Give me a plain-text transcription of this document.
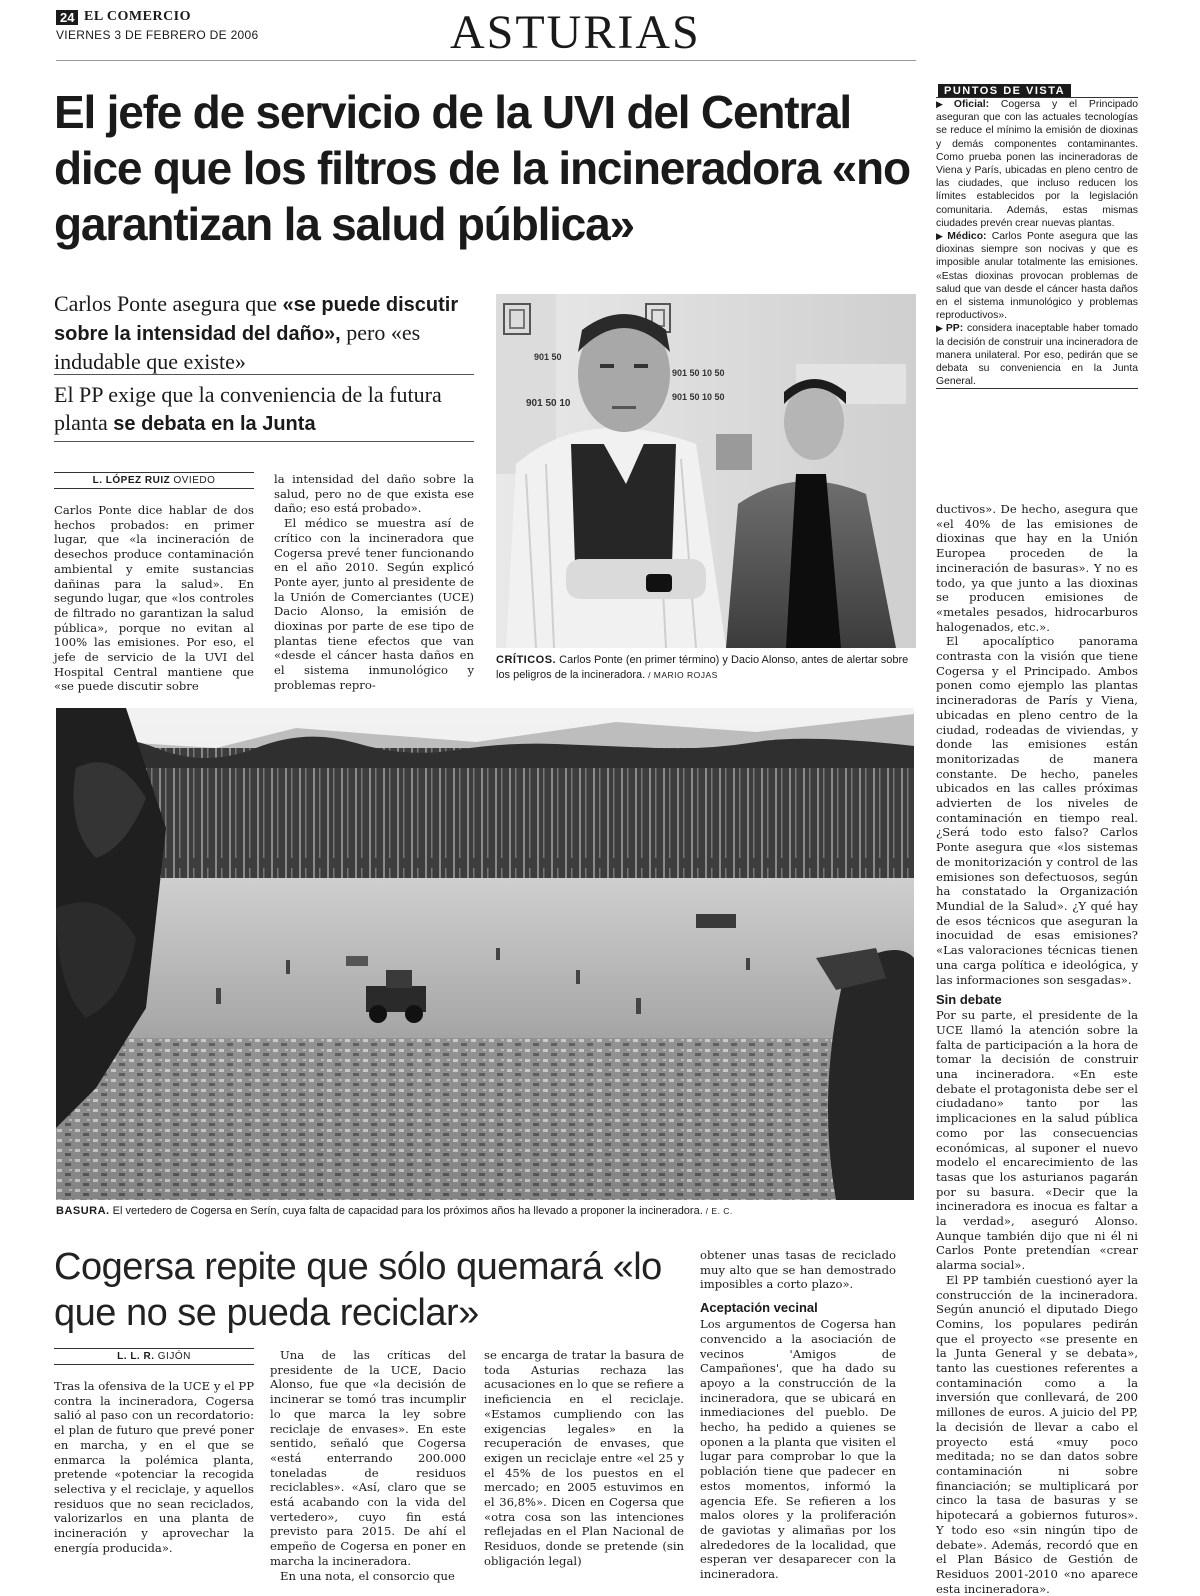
24 EL COMERCIO
VIERNES 3 DE FEBRERO DE 2006	ASTURIAS
El jefe de servicio de la UVI del Central dice que los filtros de la incineradora «no garantizan la salud pública»

Carlos Ponte asegura que «se puede discutir sobre la intensidad del daño», pero «es indudable que existe»

El PP exige que la conveniencia de la futura planta se debata en la Junta

L. LÓPEZ RUIZ OVIEDO

Carlos Ponte dice hablar de dos hechos probados: en primer lugar, que «la incineración de desechos produce contaminación ambiental y emite sustancias dañinas para la salud». En segundo lugar, que «los controles de filtrado no garantizan la salud pública», porque no evitan al 100% las emisiones. Por eso, el jefe de servicio de la UVI del Hospital Central mantiene que «se puede discutir sobre

la intensidad del daño sobre la salud, pero no de que exista ese daño; eso está probado».

El médico se muestra así de crítico con la incineradora que Cogersa prevé tener funcionando en el año 2010. Según explicó Ponte ayer, junto al presidente de la Unión de Comerciantes (UCE) Dacio Alonso, la emisión de dioxinas por parte de ese tipo de plantas tiene efectos que van «desde el cáncer hasta daños en el sistema inmunológico y problemas repro-

901 50
901 50 10
901 50 10 50
901 50 10 50

CRÍTICOS. Carlos Ponte (en primer término) y Dacio Alonso, antes de alertar sobre los peligros de la incineradora. / MARIO ROJAS

PUNTOS DE VISTA

▶ Oficial: Cogersa y el Principado aseguran que con las actuales tecnologías se reduce el mínimo la emisión de dioxinas y demás componentes contaminantes. Como prueba ponen las incineradoras de Viena y París, ubicadas en pleno centro de las ciudades, que incluso reducen los límites establecidos por la legislación comunitaria. Además, estas mismas ciudades prevén crear nuevas plantas.

▶ Médico: Carlos Ponte asegura que las dioxinas siempre son nocivas y que es imposible anular totalmente las emisiones. «Estas dioxinas provocan problemas de salud que van desde el cáncer hasta daños en el sistema inmunológico y problemas reproductivos».

▶ PP: considera inaceptable haber tomado la decisión de construir una incineradora de manera unilateral. Por eso, pedirán que se debata su conveniencia en la Junta General.

ductivos». De hecho, asegura que «el 40% de las emisiones de dioxinas que hay en la Unión Europea proceden de la incineración de basuras». Y no es todo, ya que junto a las dioxinas se producen emisiones de «metales pesados, hidrocarburos halogenados, etc.».

El apocalíptico panorama contrasta con la visión que tiene Cogersa y el Principado. Ambos ponen como ejemplo las plantas incineradoras de París y Viena, ubicadas en pleno centro de la ciudad, rodeadas de viviendas, y donde las emisiones están monitorizadas de manera constante. De hecho, paneles ubicados en las calles próximas advierten de los niveles de contaminación en tiempo real. ¿Será todo esto falso? Carlos Ponte asegura que «los sistemas de monitorización y control de las emisiones son defectuosos, según ha constatado la Organización Mundial de la Salud». ¿Y qué hay de esos técnicos que aseguran la inocuidad de esas emisiones? «Las valoraciones técnicas tienen una carga política e ideológica, y las informaciones son sesgadas».

Sin debate

Por su parte, el presidente de la UCE llamó la atención sobre la falta de participación a la hora de tomar la decisión de construir una incineradora. «En este debate el protagonista debe ser el ciudadano» tanto por las implicaciones en la salud pública como por las consecuencias económicas, al suponer el nuevo modelo el encarecimiento de las tasas que los asturianos pagarán por su basura. «Decir que la incineradora es inocua es faltar a la verdad», aseguró Alonso. Aunque también dijo que ni él ni Carlos Ponte pretendían «crear alarma social».

El PP también cuestionó ayer la construcción de la incineradora. Según anunció el diputado Diego Comins, los populares pedirán que el proyecto «se presente en la Junta General y se debata», tanto las cuestiones referentes a contaminación como a la inversión que conllevará, de 200 millones de euros. A juicio del PP, la decisión de llevar a cabo el proyecto está «muy poco meditada; no se dan datos sobre contaminación ni sobre financiación; se multiplicará por cinco la tasa de basuras y se hipotecará a gobiernos futuros». Y todo eso «sin ningún tipo de debate». Además, recordó que en el Plan Básico de Gestión de Residuos 2001-2010 «no aparece esta incineradora».

BASURA. El vertedero de Cogersa en Serín, cuya falta de capacidad para los próximos años ha llevado a proponer la incineradora. / E. C.

Cogersa repite que sólo quemará «lo que no se pueda reciclar»
L. L. R. GIJÓN

Tras la ofensiva de la UCE y el PP contra la incineradora, Cogersa salió al paso con un recordatorio: el plan de futuro que prevé poner en marcha, y en el que se enmarca la polémica planta, pretende «potenciar la recogida selectiva y el reciclaje, y aquellos residuos que no sean reciclados, valorizarlos en una planta de incineración y aprovechar la energía producida».

Una de las críticas del presidente de la UCE, Dacio Alonso, fue que «la decisión de incinerar se tomó tras incumplir lo que marca la ley sobre reciclaje de envases». En este sentido, señaló que Cogersa «está enterrando 200.000 toneladas de residuos reciclables». «Así, claro que se está acabando con la vida del vertedero», cuyo fin está previsto para 2015. De ahí el empeño de Cogersa en poner en marcha la incineradora.

En una nota, el consorcio que

se encarga de tratar la basura de toda Asturias rechaza las acusaciones en lo que se refiere a ineficiencia en el reciclaje. «Estamos cumpliendo con las exigencias legales» en la recuperación de envases, que exigen un reciclaje entre «el 25 y el 45% de los puestos en el mercado; en 2005 estuvimos en el 36,8%». Dicen en Cogersa que «otra cosa son las intenciones reflejadas en el Plan Nacional de Residuos, donde se pretende (sin obligación legal)

obtener unas tasas de reciclado muy alto que se han demostrado imposibles a corto plazo».

Aceptación vecinal

Los argumentos de Cogersa han convencido a la asociación de vecinos 'Amigos de Campañones', que ha dado su apoyo a la construcción de la incineradora, que se ubicará en inmediaciones del pueblo. De hecho, ha pedido a quienes se oponen a la planta que visiten el lugar para comprobar lo que la población tiene que padecer en estos momentos, informó la agencia Efe. Se refieren a los malos olores y la proliferación de gaviotas y alimañas por los alrededores de la localidad, que esperan ver desaparecer con la incineradora.
